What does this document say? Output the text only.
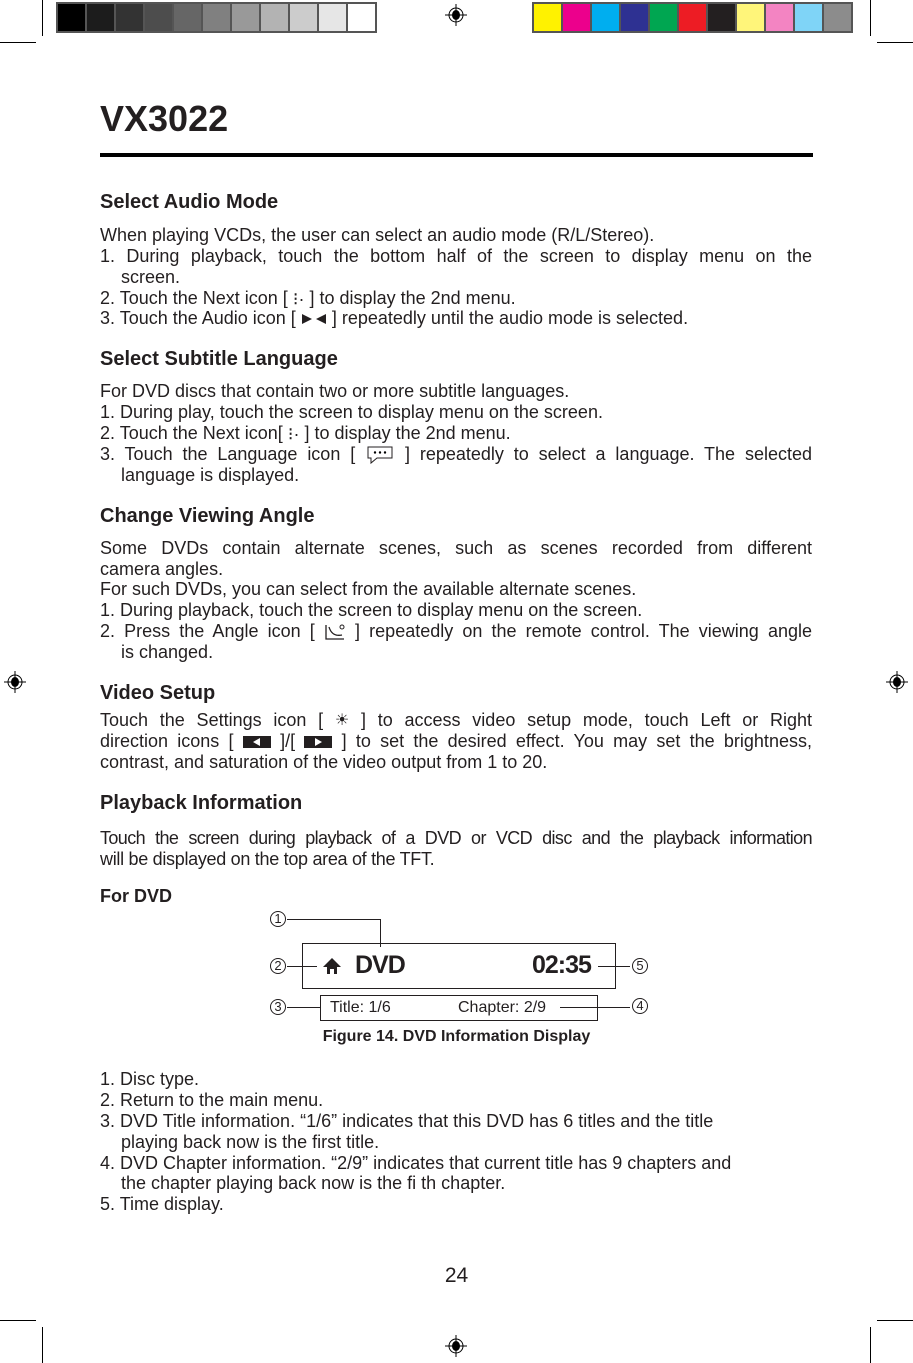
VX3022
Select Audio Mode
When playing VCDs, the user can select an audio mode (R/L/Stereo).
1. During playback, touch the bottom half of the screen to display menu on the
screen.
2. Touch the Next icon [ ⁝· ] to display the 2nd menu.
3. Touch the Audio icon [ ] repeatedly until the audio mode is selected.
Select Subtitle Language
For DVD discs that contain two or more subtitle languages.
1. During play, touch the screen to display menu on the screen.
2. Touch the Next icon[ ⁝· ] to display the 2nd menu.
3. Touch the Language icon [	] repeatedly to select a language. The selected
language is displayed.
Change Viewing Angle
Some DVDs contain alternate scenes, such as scenes recorded from different
camera angles.
For such DVDs, you can select from the available alternate scenes.
1. During playback, touch the screen to display menu on the screen.
2. Press the Angle icon [ ] repeatedly on the remote control. The viewing angle
is changed.
Video Setup
Touch the Settings icon [ ☀ ] to access video setup mode, touch Left or Right
direction icons [	]/[	] to set the desired effect. You may set the brightness,
contrast, and saturation of the video output from 1 to 20.
Playback Information
Touch the screen during playback of a DVD or VCD disc and the playback information
will be displayed on the top area of the TFT.
For DVD
DVD	02:35
Title: 1/6	Chapter: 2/9
1
2
3	4
5
Figure 14. DVD Information Display
1. Disc type.
2. Return to the main menu.
3. DVD Title information. “1/6” indicates that this DVD has 6 titles and the title
playing back now is the first title.
4. DVD Chapter information. “2/9” indicates that current title has 9 chapters and
the chapter playing back now is the fi th chapter.
5. Time display.
24
